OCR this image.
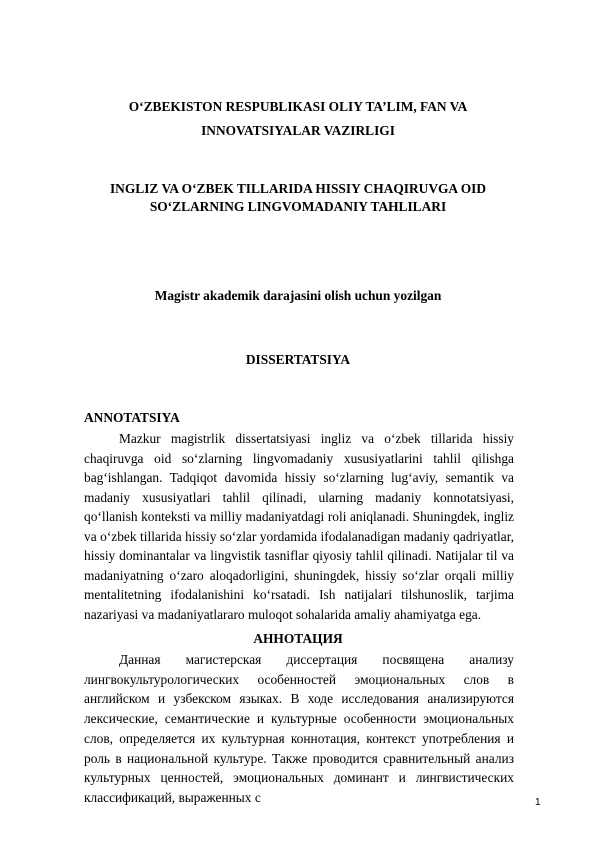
O‘ZBEKISTON RESPUBLIKASI OLIY TA’LIM, FAN VA
INNOVATSIYALAR VAZIRLIGI
INGLIZ VA O‘ZBEK TILLARIDA HISSIY CHAQIRUVGA OID
SO‘ZLARNING LINGVOMADANIY TAHLILARI
Magistr akademik darajasini olish uchun yozilgan
DISSERTATSIYA
ANNOTATSIYA

Mazkur magistrlik dissertatsiyasi ingliz va o‘zbek tillarida hissiy chaqiruvga oid so‘zlarning lingvomadaniy xususiyatlarini tahlil qilishga bag‘ishlangan. Tadqiqot davomida hissiy so‘zlarning lug‘aviy, semantik va madaniy xususiyatlari tahlil qilinadi, ularning madaniy konnotatsiyasi, qo‘llanish konteksti va milliy madaniyatdagi roli aniqlanadi. Shuningdek, ingliz va o‘zbek tillarida hissiy so‘zlar yordamida ifodalanadigan madaniy qadriyatlar, hissiy dominantalar va lingvistik tasniflar qiyosiy tahlil qilinadi. Natijalar til va madaniyatning o‘zaro aloqadorligini, shuningdek, hissiy so‘zlar orqali milliy mentalitetning ifodalanishini ko‘rsatadi. Ish natijalari tilshunoslik, tarjima nazariyasi va madaniyatlararo muloqot sohalarida amaliy ahamiyatga ega.

АННОТАЦИЯ

Данная магистерская диссертация посвящена анализу лингвокультурологических особенностей эмоциональных слов в английском и узбекском языках. В ходе исследования анализируются лексические, семантические и культурные особенности эмоциональных слов, определяется их культурная коннотация, контекст употребления и роль в национальной культуре. Также проводится сравнительный анализ культурных ценностей, эмоциональных доминант и лингвистических классификаций, выраженных с	1
